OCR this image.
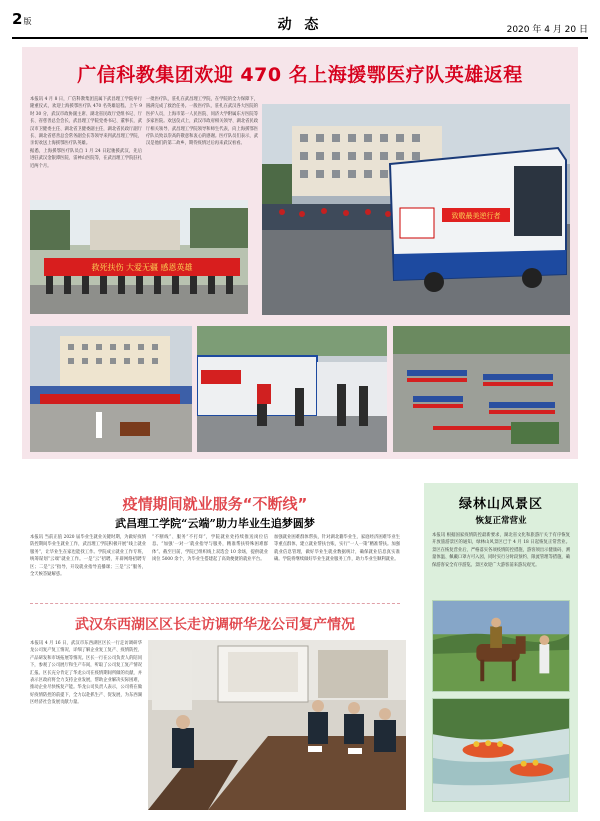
2版	动 态	2020 年 4 月 20 日
广信科教集团欢迎 470 名上海援鄂医疗队英雄返程
本报讯 4 月 8 日，广信科教集团直属下武昌理工学院举行隆重仪式，欢迎上海援鄂医疗队 470 名英雄返程。上午 9 时 30 分，武汉市政协副主席、湖北省民政厅党组书记、厅长、省慈善总会会长，武昌理工学院党委书记、董事长，武汉市卫健委主任、湖北省卫健委副主任，湖北省民政厅副厅长、湖北省慈善总会常务副会长等领导来到武昌理工学院，亲切欢送上海援鄂医疗队英雄。
据悉，上海援鄂医疗队员自 1 月 24 日起驰援武汉，先后进驻武汉金银潭医院、雷神山医院等，在武昌理工学院驻扎近两个月。
一批医疗队，驻扎在武昌理工学院，在学院的全力保障下，圆满完成了救治任务。一般医疗队、驻扎在武汉各大医院的医护人员，上海市第一人民医院、同济大学附属东方医院等多家医院。欢送仪式上，武汉市政府相关领导、湖北省民政厅相关领导、武昌理工学院领导和师生代表，向上海援鄂医疗队员致以崇高的敬意和衷心的感谢。医疗队员们表示，武汉是他们的第二故乡，期待疫情过后再来武汉看看。
致敬最美逆行者
救死扶伤 大爱无疆 感恩英雄
疫情期间就业服务“不断线”
武昌理工学院“云端”助力毕业生追梦圆梦
本报讯 当前正值 2020 届毕业生就业关键时期，为做好疫情防控期间毕业生就业工作，武昌理工学院积极开展“线上就业服务”，让毕业生在家也能找工作。学院成立就业工作专班，统筹谋划“云端”就业工作。一是“云”招聘，开辟网络招聘专区；二是“云”指导，开设就业指导直播课；三是“云”服务，全天候答疑解惑。
“不断线”、服务“不打烊”，学院就业处持续推送岗位信息。“加强‘一对一’就业指导与服务，精准帮扶特殊困难群体”。截至目前，学院已组织线上双选会 10 余场，提供就业岗位 5000 余个，为毕业生搭建起了高效便捷的就业平台。
加强就业困难群体帮扶，针对湖北籍毕业生、家庭经济困难毕业生等重点群体，建立就业帮扶台账，实行“一人一策”精准帮扶。加强就业信息管理，做好毕业生就业数据统计，确保就业信息真实准确。学院将继续做好毕业生就业服务工作，助力毕业生顺利就业。
武汉东西湖区区长走访调研华龙公司复产情况
本报讯 4 月 16 日，武汉市东西湖区区长一行走访调研华龙公司复产复工情况，详细了解企业复工复产、疫情防控、产品研发和市场拓展等情况。区长一行在公司负责人的陪同下，参观了公司展厅和生产车间，听取了公司复工复产情况汇报。区长充分肯定了华龙公司在疫情期间所做的贡献，并表示区政府将全力支持企业发展，帮助企业解决实际困难，推动企业尽快恢复产能。华龙公司负责人表示，公司将在做好疫情防控的前提下，全力以赴抓生产、促发展，为东西湖区经济社会发展贡献力量。
绿林山风景区
恢复正常营业
本报讯 根据国家疫情防控最新要求，湖北省文化和旅游厅关于有序恢复开放旅游景区的通知，绿林山风景区已于 4 月 18 日起恢复正常营业。景区在恢复营业后，严格落实各项疫情防控措施，游客须出示健康码、测量体温、佩戴口罩方可入园，同时实行分时段预约、限流管理等措施，确保游客安全有序游览。景区欢迎广大游客前来游玩观光。
